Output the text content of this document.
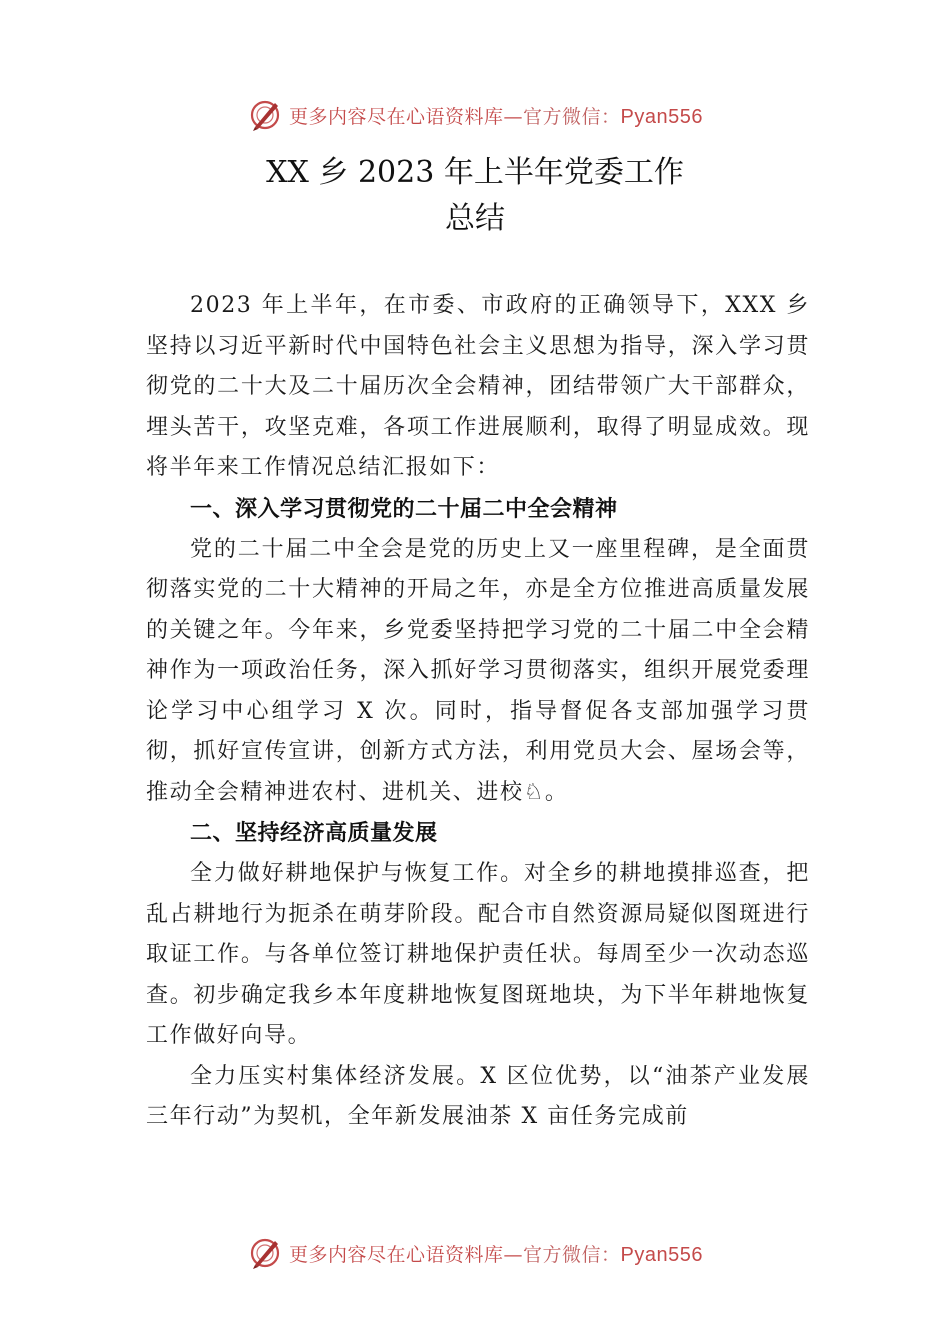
更多内容尽在心语资料库—官方微信：Pyan556
XX 乡 2023 年上半年党委工作
总结

2023 年上半年，在市委、市政府的正确领导下，XXX 乡坚持以习近平新时代中国特色社会主义思想为指导，深入学习贯彻党的二十大及二十届历次全会精神，团结带领广大干部群众，埋头苦干，攻坚克难，各项工作进展顺利，取得了明显成效。现将半年来工作情况总结汇报如下：

一、深入学习贯彻党的二十届二中全会精神

党的二十届二中全会是党的历史上又一座里程碑，是全面贯彻落实党的二十大精神的开局之年，亦是全方位推进高质量发展的关键之年。今年来，乡党委坚持把学习党的二十届二中全会精神作为一项政治任务，深入抓好学习贯彻落实，组织开展党委理论学习中心组学习 X 次。同时，指导督促各支部加强学习贯彻，抓好宣传宣讲，创新方式方法，利用党员大会、屋场会等，推动全会精神进农村、进机关、进校♘。

二、坚持经济高质量发展

全力做好耕地保护与恢复工作。对全乡的耕地摸排巡查，把乱占耕地行为扼杀在萌芽阶段。配合市自然资源局疑似图斑进行取证工作。与各单位签订耕地保护责任状。每周至少一次动态巡查。初步确定我乡本年度耕地恢复图斑地块，为下半年耕地恢复工作做好向导。

全力压实村集体经济发展。X 区位优势，以“油茶产业发展三年行动”为契机，全年新发展油茶 X 亩任务完成前

更多内容尽在心语资料库—官方微信：Pyan556
